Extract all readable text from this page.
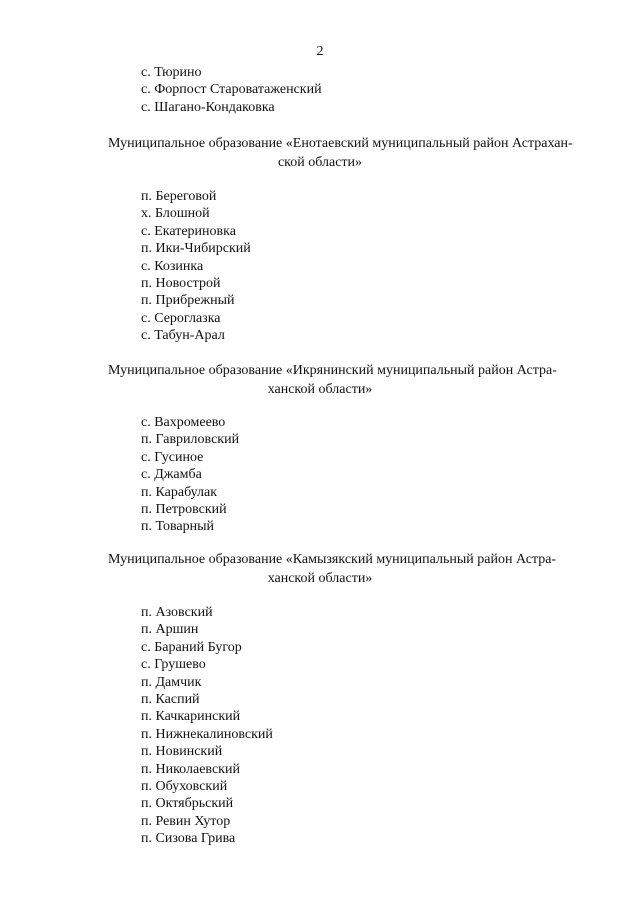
2
с. Тюрино
с. Форпост Староватаженский
с. Шагано-Кондаковка
Муниципальное образование «Енотаевский муниципальный район Астрахан-
ской области»
п. Береговой
х. Блошной
с. Екатериновка
п. Ики-Чибирский
с. Козинка
п. Новострой
п. Прибрежный
с. Сероглазка
с. Табун-Арал
Муниципальное образование «Икрянинский муниципальный район Астра-
ханской области»
с. Вахромеево
п. Гавриловский
с. Гусиное
с. Джамба
п. Карабулак
п. Петровский
п. Товарный
Муниципальное образование «Камызякский муниципальный район Астра-
ханской области»
п. Азовский
п. Аршин
с. Бараний Бугор
с. Грушево
п. Дамчик
п. Каспий
п. Качкаринский
п. Нижнекалиновский
п. Новинский
п. Николаевский
п. Обуховский
п. Октябрьский
п. Ревин Хутор
п. Сизова Грива
